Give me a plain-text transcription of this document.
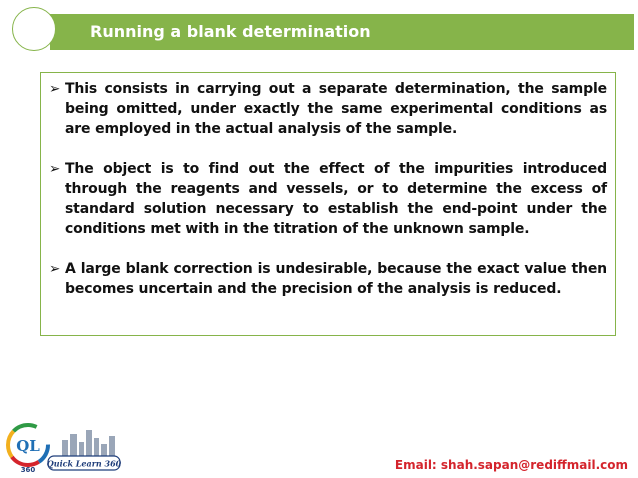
Running a blank determination
➢ This consists in carrying out a separate determination, the sample being omitted, under exactly the same experimental conditions as are employed in the actual analysis of the sample.
➢ The object is to find out the effect of the impurities introduced through the reagents and vessels, or to determine the excess of standard solution necessary to establish the end-point under the conditions met with in the titration of the unknown sample.
➢ A large blank correction is undesirable, because the exact value then becomes uncertain and the precision of the analysis is reduced.
QL
360
Quick Learn 360	Email: shah.sapan@rediffmail.com
